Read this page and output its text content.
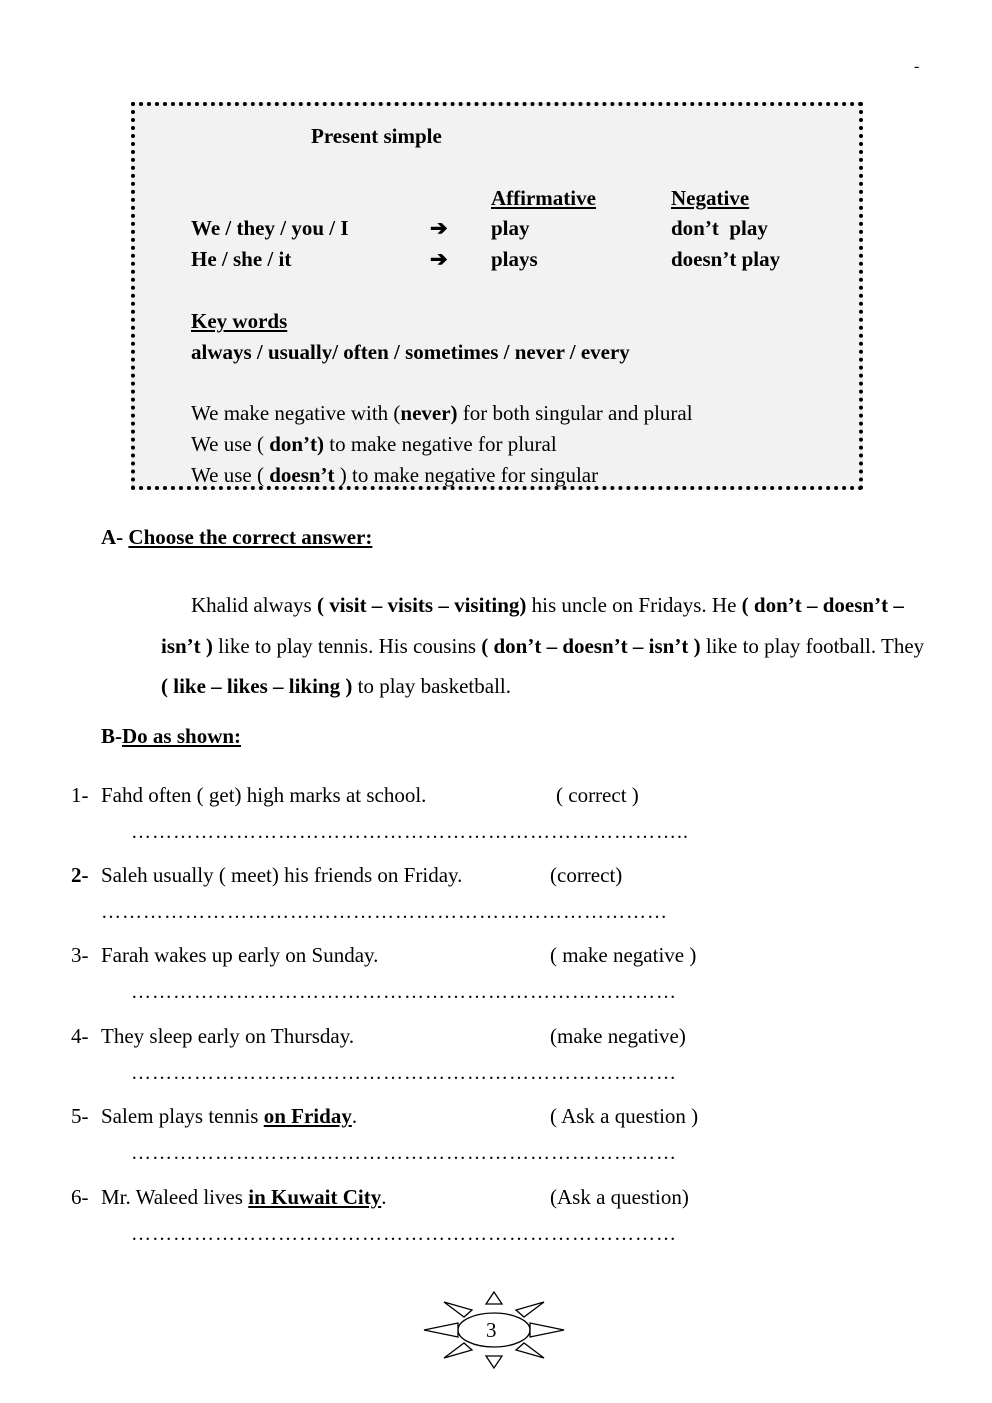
-
Present simple
Affirmative	Negative
We / they / you / I	➔ play	don’t  play
He / she / it	➔ plays	doesn’t play
Key words
always / usually/ often / sometimes / never / every
We make negative with (never) for both singular and plural
We use ( don’t) to make negative for plural
We use ( doesn’t ) to make negative for singular
A- Choose the correct answer:
Khalid always ( visit – visits – visiting) his uncle on Fridays. He ( don’t – doesn’t – isn’t ) like to play tennis. His cousins ( don’t – doesn’t – isn’t ) like to play football. They ( like – likes – liking ) to play basketball.
B-Do as shown:
1- Fahd often ( get) high marks at school.	( correct )
……………………………………………………………………..
2- Saleh usually ( meet) his friends on Friday.	(correct)
………………………………………………………………………
3- Farah wakes up early on Sunday.	( make negative )
……………………………………………………………………
4- They sleep early on Thursday.	(make negative)
……………………………………………………………………
5- Salem plays tennis on Friday.	( Ask a question )
……………………………………………………………………
6- Mr. Waleed lives in Kuwait City.	(Ask a question)
……………………………………………………………………
3
